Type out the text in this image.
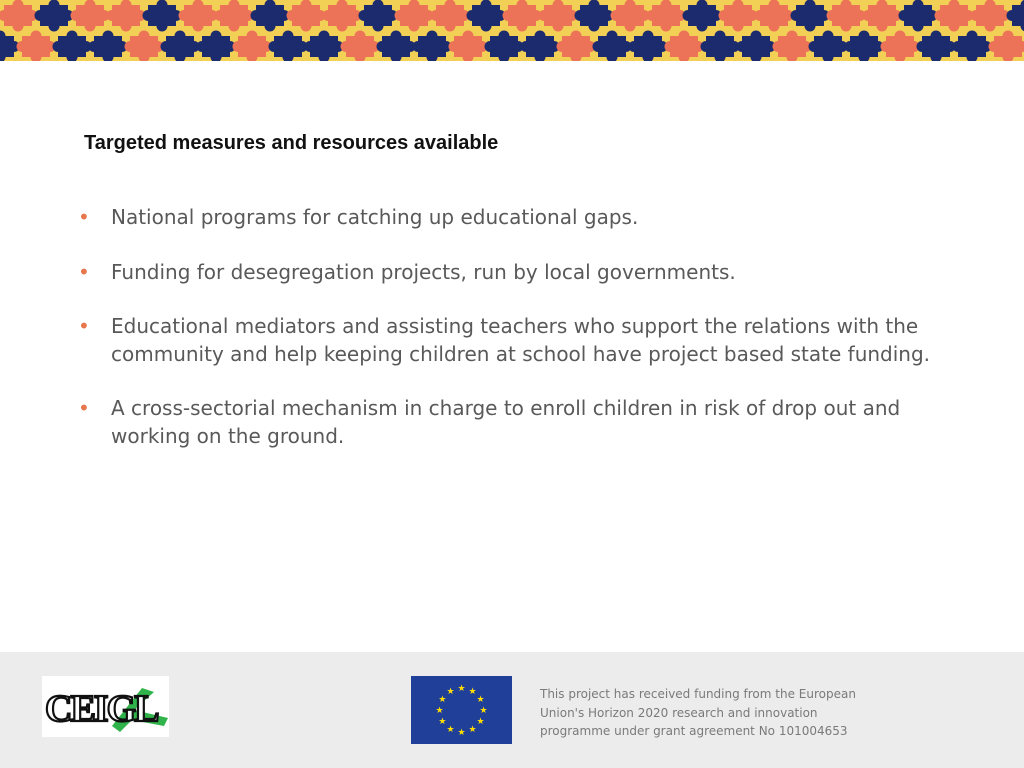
Targeted measures and resources available
• National programs for catching up educational gaps.
• Funding for desegregation projects, run by local governments.
• Educational mediators and assisting teachers who support the relations with the community and help keeping children at school have project based state funding.
• A cross-sectorial mechanism in charge to enroll children in risk of drop out and working on the ground.
CEIGL	★ ★
★
★
★
★
★
★
★
★
★
★	This project has received funding from the European
Union's Horizon 2020 research and innovation
programme under grant agreement No 101004653
